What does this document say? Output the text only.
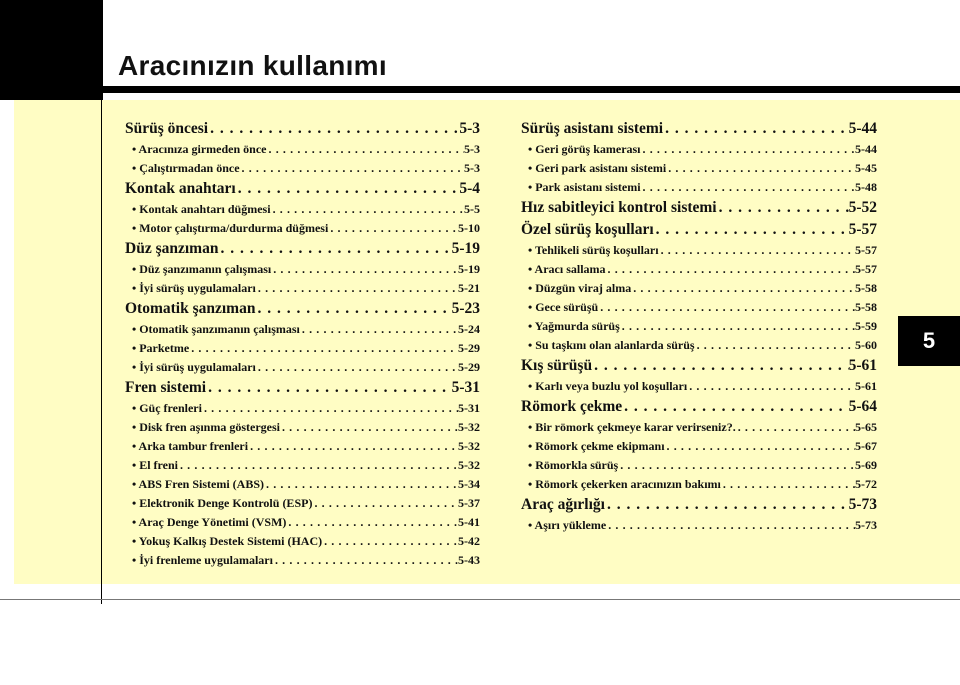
Aracınızın kullanımı
5
Sürüş öncesi . . .	5-3
• Aracınıza girmeden önce . . .	5-3
• Çalıştırmadan önce . . .	5-3
Kontak anahtarı . . .	5-4
• Kontak anahtarı düğmesi . . .	5-5
• Motor çalıştırma/durdurma düğmesi . . .	5-10
Düz şanzıman . . .	5-19
• Düz şanzımanın çalışması . . .	5-19
• İyi sürüş uygulamaları . . .	5-21
Otomatik şanzıman . . .	5-23
• Otomatik şanzımanın çalışması . . .	5-24
• Parketme . . .	5-29
• İyi sürüş uygulamaları . . .	5-29
Fren sistemi . . .	5-31
• Güç frenleri . . .	5-31
• Disk fren aşınma göstergesi . . .	5-32
• Arka tambur frenleri . . .	5-32
• El freni . . .	5-32
• ABS Fren Sistemi (ABS) . . .	5-34
• Elektronik Denge Kontrolü (ESP) . . .	5-37
• Araç Denge Yönetimi (VSM) . . .	5-41
• Yokuş Kalkış Destek Sistemi (HAC) . . .	5-42
• İyi frenleme uygulamaları . . .	5-43
Sürüş asistanı sistemi . . .	5-44
• Geri görüş kamerası . . .	5-44
• Geri park asistanı sistemi . . .	5-45
• Park asistanı sistemi . . .	5-48
Hız sabitleyici kontrol sistemi . . .	5-52
Özel sürüş koşulları . . .	5-57
• Tehlikeli sürüş koşulları . . .	5-57
• Aracı sallama . . .	5-57
• Düzgün viraj alma . . .	5-58
• Gece sürüşü . . .	5-58
• Yağmurda sürüş . . .	5-59
• Su taşkını olan alanlarda sürüş . . .	5-60
Kış sürüşü . . .	5-61
• Karlı veya buzlu yol koşulları . . .	5-61
Römork çekme . . .	5-64
• Bir römork çekmeye karar verirseniz?. . . .	5-65
• Römork çekme ekipmanı . . .	5-67
• Römorkla sürüş . . .	5-69
• Römork çekerken aracınızın bakımı . . .	5-72
Araç ağırlığı . . .	5-73
• Aşırı yükleme . . .	5-73
